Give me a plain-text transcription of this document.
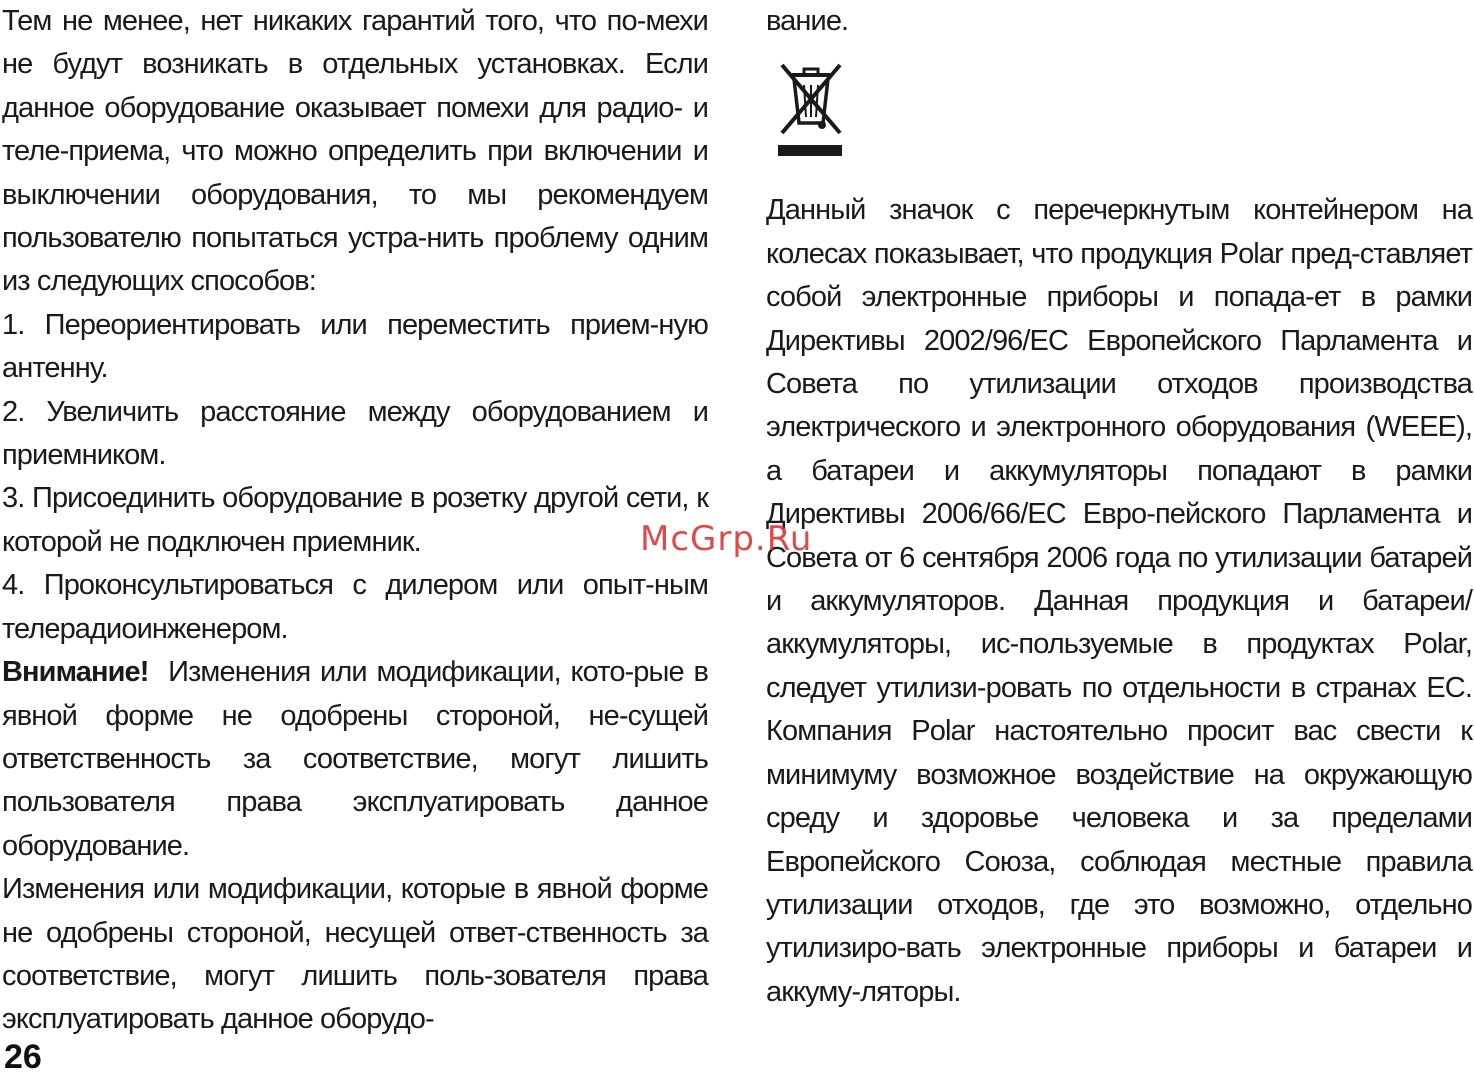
Тем не менее, нет никаких гарантий того, что по-мехи не будут возникать в отдельных установках. Если данное оборудование оказывает помехи для радио- и теле-приема, что можно определить при включении и выключении оборудования, то мы рекомендуем пользователю попытаться устра-нить проблему одним из следующих способов:

1. Переориентировать или переместить прием-ную антенну.

2. Увеличить расстояние между оборудованием и приемником.

3. Присоединить оборудование в розетку другой сети, к которой не подключен приемник.

4. Проконсультироваться с дилером или опыт-ным телерадиоинженером.

Внимание! Изменения или модификации, кото-рые в явной форме не одобрены стороной, не-сущей ответственность за соответствие, могут лишить пользователя права эксплуатировать данное оборудование.

Изменения или модификации, которые в явной форме не одобрены стороной, несущей ответ-ственность за соответствие, могут лишить поль-зователя права эксплуатировать данное оборудо-

вание.

Данный значок с перечеркнутым контейнером на колесах показывает, что продукция Polar пред-ставляет собой электронные приборы и попада-ет в рамки Директивы 2002/96/ЕС Европейского Парламента и Совета по утилизации отходов производства электрического и электронного оборудования (WEEE), а батареи и аккумуляторы попадают в рамки Директивы 2006/66/ЕС Евро-пейского Парламента и Совета от 6 сентября 2006 года по утилизации батарей и аккумуляторов. Данная продукция и батареи/аккумуляторы, ис-пользуемые в продуктах Polar, следует утилизи-ровать по отдельности в странах ЕС. Компания Polar настоятельно просит вас свести к минимуму возможное воздействие на окружающую среду и здоровье человека и за пределами Европейского Союза, соблюдая местные правила утилизации отходов, где это возможно, отдельно утилизиро-вать электронные приборы и батареи и аккуму-ляторы.

26
McGrp.Ru
